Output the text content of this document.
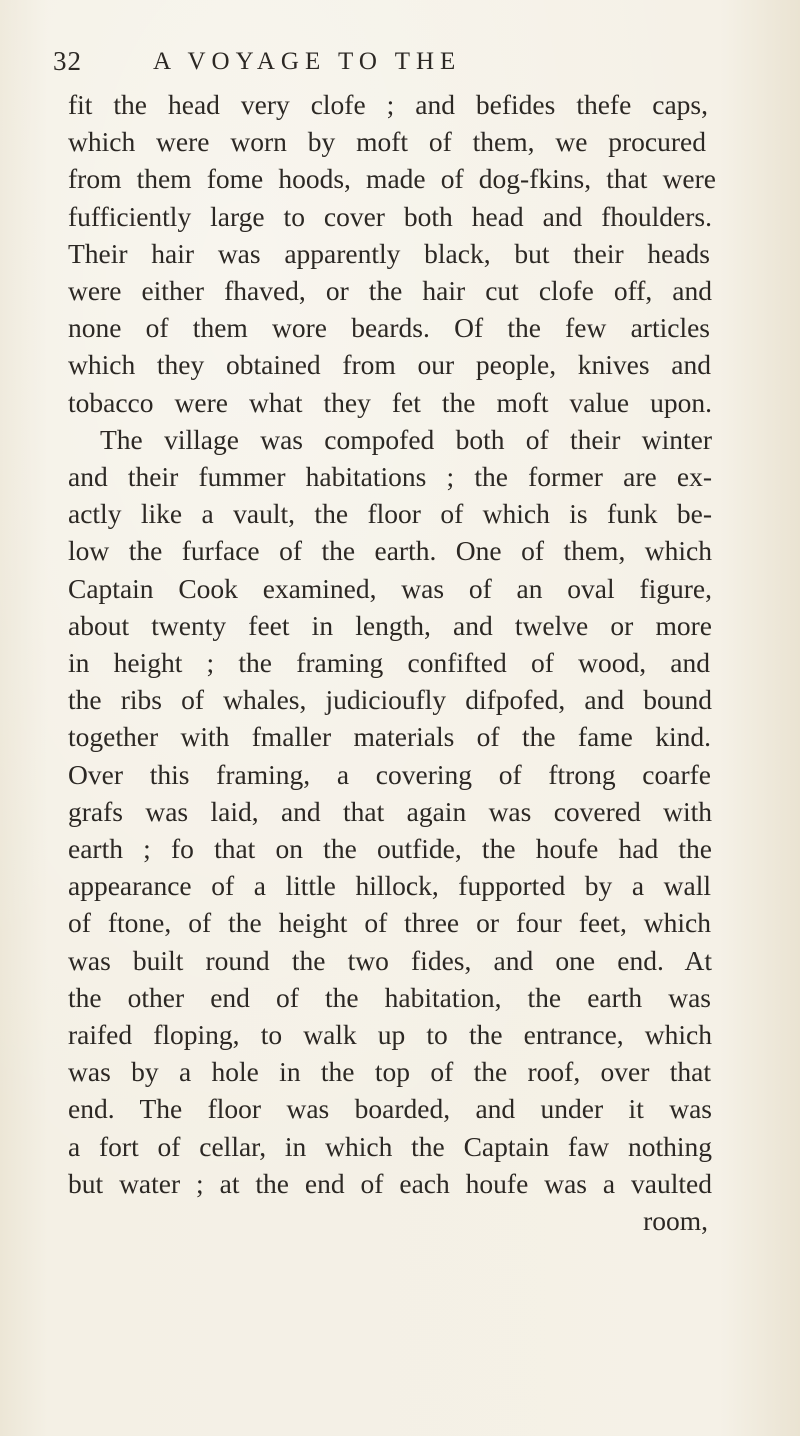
32	A VOYAGE TO THE
fit the head very clofe ; and befides thefe caps,
which were worn by moft of them, we procured
from them fome hoods, made of dog-fkins, that were
fufficiently large to cover both head and fhoulders.
Their hair was apparently black, but their heads
were either fhaved, or the hair cut clofe off, and
none of them wore beards. Of the few articles
which they obtained from our people, knives and
tobacco were what they fet the moft value upon.
The village was compofed both of their winter
and their fummer habitations ; the former are ex-
actly like a vault, the floor of which is funk be-
low the furface of the earth. One of them, which
Captain Cook examined, was of an oval figure,
about twenty feet in length, and twelve or more
in height ; the framing confifted of wood, and
the ribs of whales, judicioufly difpofed, and bound
together with fmaller materials of the fame kind.
Over this framing, a covering of ftrong coarfe
grafs was laid, and that again was covered with
earth ; fo that on the outfide, the houfe had the
appearance of a little hillock, fupported by a wall
of ftone, of the height of three or four feet, which
was built round the two fides, and one end. At
the other end of the habitation, the earth was
raifed floping, to walk up to the entrance, which
was by a hole in the top of the roof, over that
end. The floor was boarded, and under it was
a fort of cellar, in which the Captain faw nothing
but water ; at the end of each houfe was a vaulted
room,
